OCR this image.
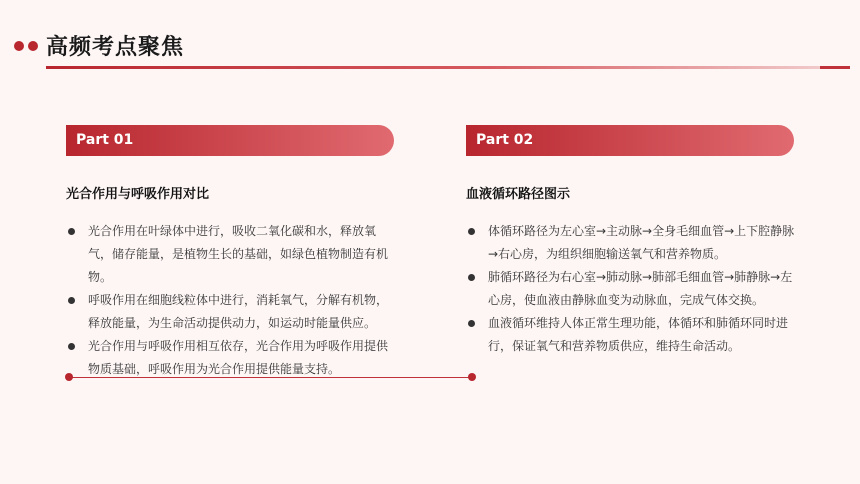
高频考点聚焦
Part 01	Part 02
光合作用与呼吸作用对比	血液循环路径图示
光合作用在叶绿体中进行，吸收二氧化碳和水，释放氧气，储存能量，是植物生长的基础，如绿色植物制造有机物。
呼吸作用在细胞线粒体中进行，消耗氧气，分解有机物，释放能量，为生命活动提供动力，如运动时能量供应。
光合作用与呼吸作用相互依存，光合作用为呼吸作用提供物质基础，呼吸作用为光合作用提供能量支持。
体循环路径为左心室→主动脉→全身毛细血管→上下腔静脉→右心房，为组织细胞输送氧气和营养物质。
肺循环路径为右心室→肺动脉→肺部毛细血管→肺静脉→左心房，使血液由静脉血变为动脉血，完成气体交换。
血液循环维持人体正常生理功能，体循环和肺循环同时进行，保证氧气和营养物质供应，维持生命活动。
